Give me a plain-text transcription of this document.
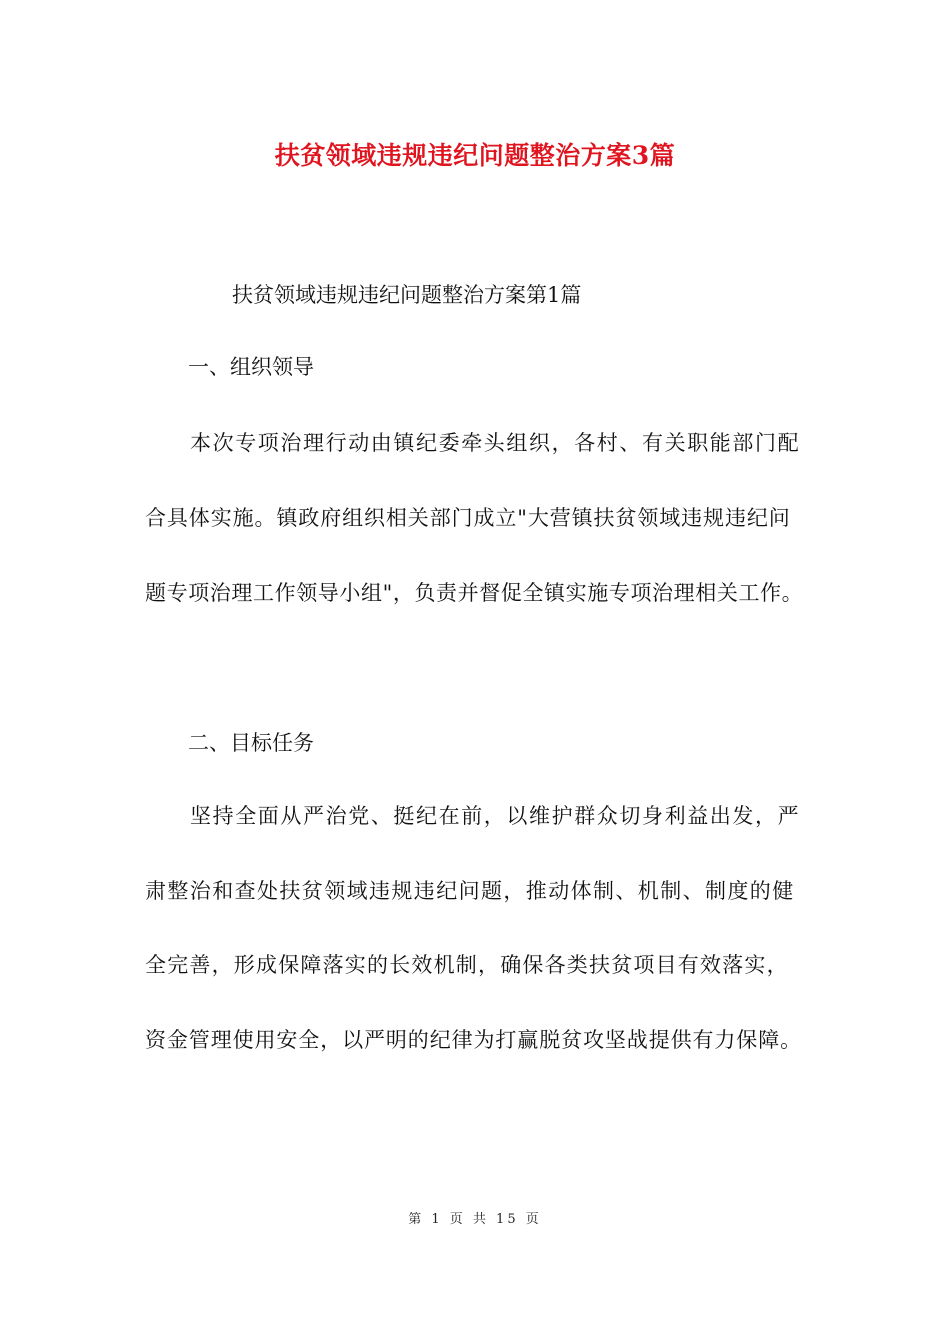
扶贫领域违规违纪问题整治方案3篇
扶贫领域违规违纪问题整治方案第1篇
一、组织领导
本次专项治理行动由镇纪委牵头组织，各村、有关职能部门配
合具体实施。镇政府组织相关部门成立"大营镇扶贫领域违规违纪问
题专项治理工作领导小组"，负责并督促全镇实施专项治理相关工作。
二、目标任务
坚持全面从严治党、挺纪在前，以维护群众切身利益出发，严
肃整治和查处扶贫领域违规违纪问题，推动体制、机制、制度的健
全完善，形成保障落实的长效机制，确保各类扶贫项目有效落实，
资金管理使用安全，以严明的纪律为打赢脱贫攻坚战提供有力保障。
第 1 页 共 15 页
